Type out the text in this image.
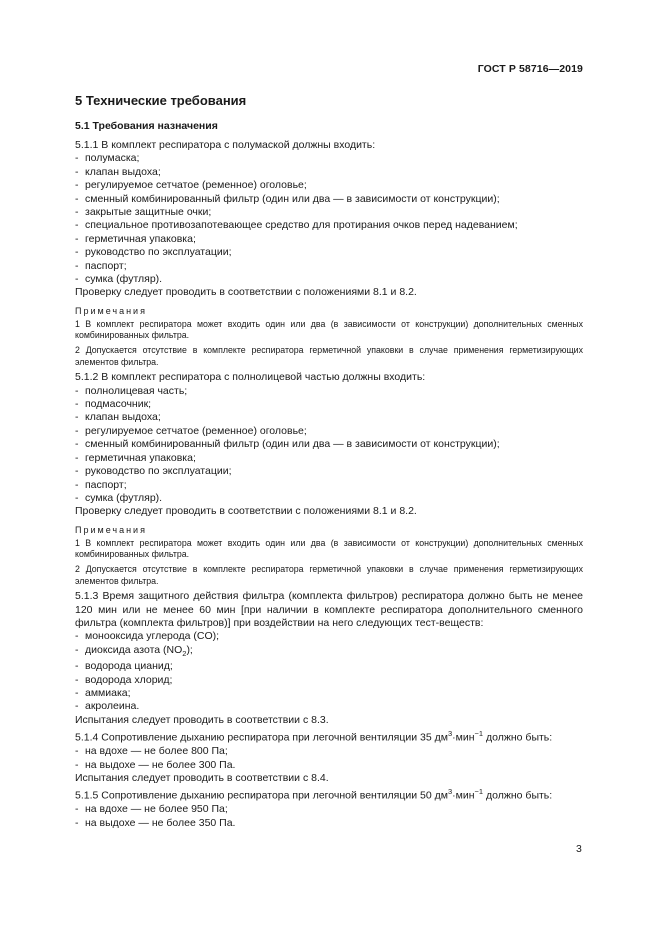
ГОСТ Р 58716—2019
5 Технические требования
5.1 Требования назначения
5.1.1 В комплект респиратора с полумаской должны входить:
- полумаска;
- клапан выдоха;
- регулируемое сетчатое (ременное) оголовье;
- сменный комбинированный фильтр (один или два — в зависимости от конструкции);
- закрытые защитные очки;
- специальное противозапотевающее средство для протирания очков перед надеванием;
- герметичная упаковка;
- руководство по эксплуатации;
- паспорт;
- сумка (футляр).
Проверку следует проводить в соответствии с положениями 8.1 и 8.2.
Примечания
1 В комплект респиратора может входить один или два (в зависимости от конструкции) дополнительных сменных комбинированных фильтра.
2 Допускается отсутствие в комплекте респиратора герметичной упаковки в случае применения герметизирующих элементов фильтра.
5.1.2 В комплект респиратора с полнолицевой частью должны входить:
- полнолицевая часть;
- подмасочник;
- клапан выдоха;
- регулируемое сетчатое (ременное) оголовье;
- сменный комбинированный фильтр (один или два — в зависимости от конструкции);
- герметичная упаковка;
- руководство по эксплуатации;
- паспорт;
- сумка (футляр).
Проверку следует проводить в соответствии с положениями 8.1 и 8.2.
Примечания
1 В комплект респиратора может входить один или два (в зависимости от конструкции) дополнительных сменных комбинированных фильтра.
2 Допускается отсутствие в комплекте респиратора герметичной упаковки в случае применения герметизирующих элементов фильтра.
5.1.3 Время защитного действия фильтра (комплекта фильтров) респиратора должно быть не менее 120 мин или не менее 60 мин [при наличии в комплекте респиратора дополнительного сменного фильтра (комплекта фильтров)] при воздействии на него следующих тест-веществ:
- монооксида углерода (CO);
- диоксида азота $(NO_2)$;
- водорода цианид;
- водорода хлорид;
- аммиака;
- акролеина.
Испытания следует проводить в соответствии с 8.3.
5.1.4 Сопротивление дыханию респиратора при легочной вентиляции 35 $дм^3\cdot мин^{-1}$ должно быть:
- на вдохе — не более 800 Па;
- на выдохе — не более 300 Па.
Испытания следует проводить в соответствии с 8.4.
5.1.5 Сопротивление дыханию респиратора при легочной вентиляции 50 $дм^3\cdot мин^{-1}$ должно быть:
- на вдохе — не более 950 Па;
- на выдохе — не более 350 Па.
3
